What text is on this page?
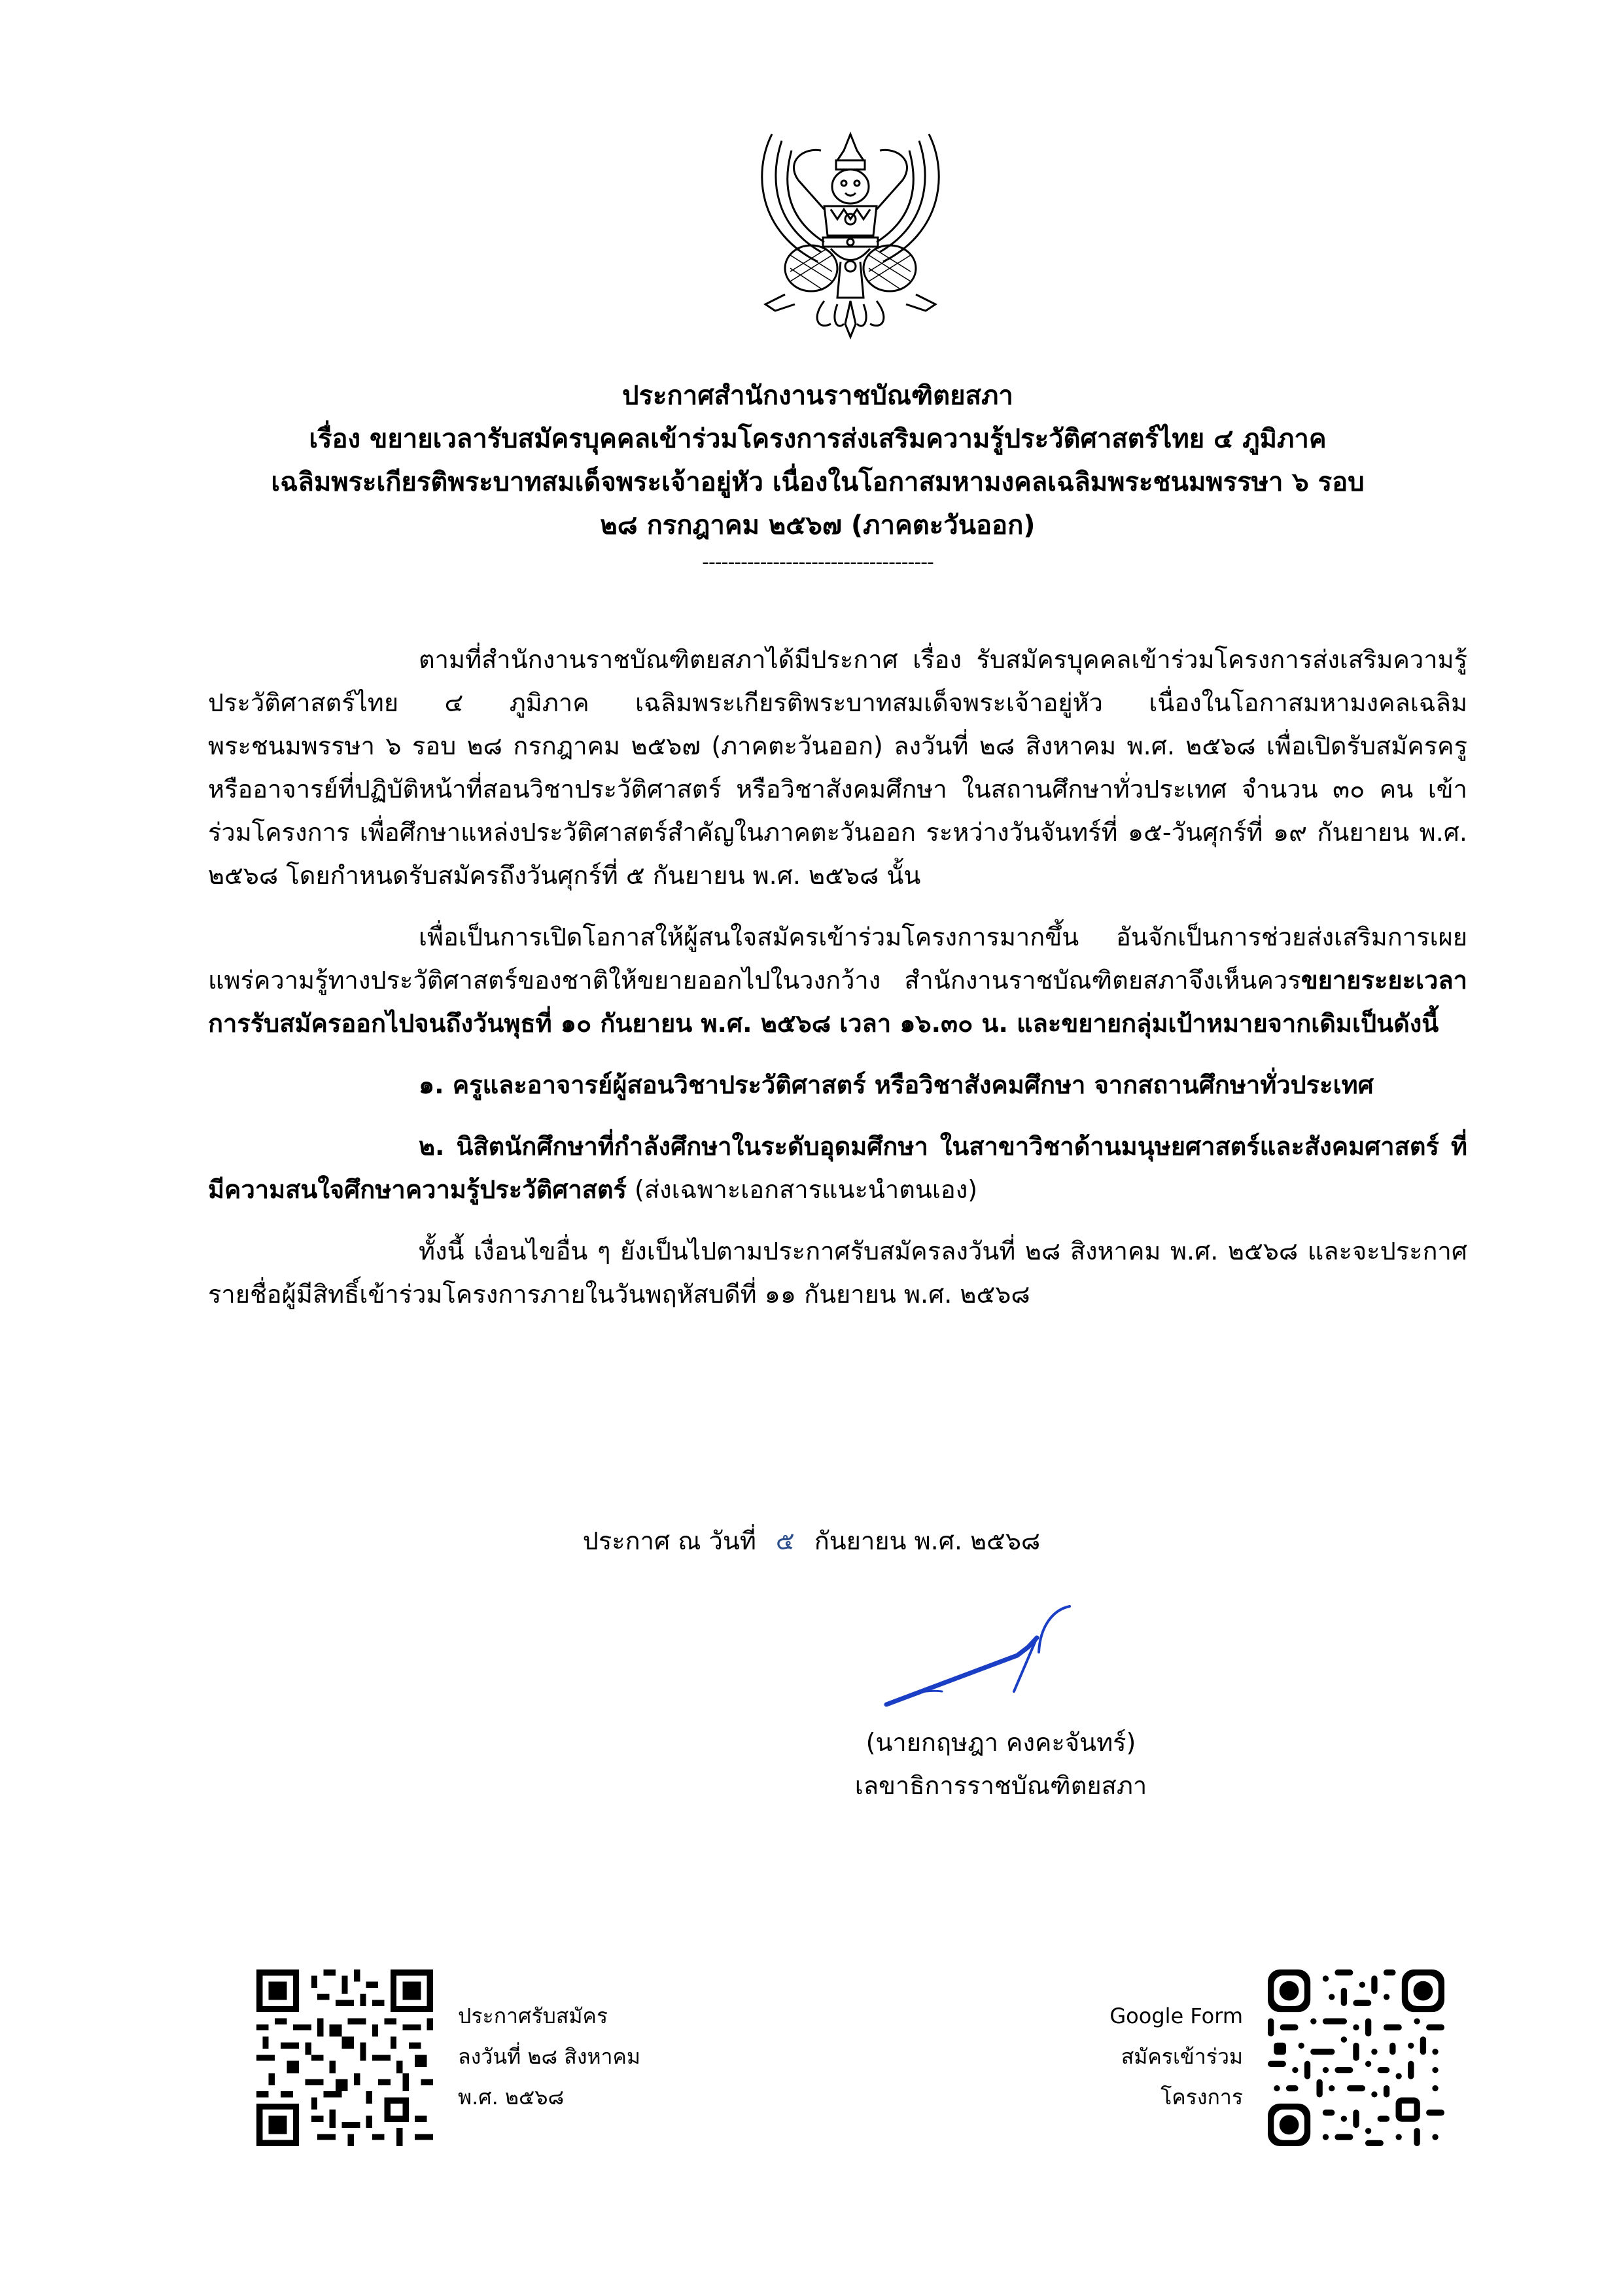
ประกาศสำนักงานราชบัณฑิตยสภา
เรื่อง ขยายเวลารับสมัครบุคคลเข้าร่วมโครงการส่งเสริมความรู้ประวัติศาสตร์ไทย ๔ ภูมิภาค
เฉลิมพระเกียรติพระบาทสมเด็จพระเจ้าอยู่หัว เนื่องในโอกาสมหามงคลเฉลิมพระชนมพรรษา ๖ รอบ
๒๘ กรกฎาคม ๒๕๖๗ (ภาคตะวันออก)
------------------------------------

ตามที่สำนักงานราชบัณฑิตยสภาได้มีประกาศ เรื่อง รับสมัครบุคคลเข้าร่วมโครงการส่งเสริมความรู้ประวัติศาสตร์ไทย ๔ ภูมิภาค เฉลิมพระเกียรติพระบาทสมเด็จพระเจ้าอยู่หัว เนื่องในโอกาสมหามงคลเฉลิมพระชนมพรรษา ๖ รอบ ๒๘ กรกฎาคม ๒๕๖๗ (ภาคตะวันออก) ลงวันที่ ๒๘ สิงหาคม พ.ศ. ๒๕๖๘ เพื่อเปิดรับสมัครครูหรืออาจารย์ที่ปฏิบัติหน้าที่สอนวิชาประวัติศาสตร์ หรือวิชาสังคมศึกษา ในสถานศึกษาทั่วประเทศ จำนวน ๓๐ คน เข้าร่วมโครงการ เพื่อศึกษาแหล่งประวัติศาสตร์สำคัญในภาคตะวันออก ระหว่างวันจันทร์ที่ ๑๕-วันศุกร์ที่ ๑๙ กันยายน พ.ศ. ๒๕๖๘ โดยกำหนดรับสมัครถึงวันศุกร์ที่ ๕ กันยายน พ.ศ. ๒๕๖๘ นั้น

เพื่อเป็นการเปิดโอกาสให้ผู้สนใจสมัครเข้าร่วมโครงการมากขึ้น อันจักเป็นการช่วยส่งเสริมการเผยแพร่ความรู้ทางประวัติศาสตร์ของชาติให้ขยายออกไปในวงกว้าง สำนักงานราชบัณฑิตยสภาจึงเห็นควรขยายระยะเวลาการรับสมัครออกไปจนถึงวันพุธที่ ๑๐ กันยายน พ.ศ. ๒๕๖๘ เวลา ๑๖.๓๐ น. และขยายกลุ่มเป้าหมายจากเดิมเป็นดังนี้

๑. ครูและอาจารย์ผู้สอนวิชาประวัติศาสตร์ หรือวิชาสังคมศึกษา จากสถานศึกษาทั่วประเทศ

๒. นิสิตนักศึกษาที่กำลังศึกษาในระดับอุดมศึกษา ในสาขาวิชาด้านมนุษยศาสตร์และสังคมศาสตร์ ที่มีความสนใจศึกษาความรู้ประวัติศาสตร์ (ส่งเฉพาะเอกสารแนะนำตนเอง)

ทั้งนี้ เงื่อนไขอื่น ๆ ยังเป็นไปตามประกาศรับสมัครลงวันที่ ๒๘ สิงหาคม พ.ศ. ๒๕๖๘ และจะประกาศรายชื่อผู้มีสิทธิ์เข้าร่วมโครงการภายในวันพฤหัสบดีที่ ๑๑ กันยายน พ.ศ. ๒๕๖๘

ประกาศ ณ วันที่ ๕ กันยายน พ.ศ. ๒๕๖๘
(นายกฤษฎา คงคะจันทร์)
เลขาธิการราชบัณฑิตยสภา
ประกาศรับสมัคร
ลงวันที่ ๒๘ สิงหาคม
พ.ศ. ๒๕๖๘
Google Form
สมัครเข้าร่วม
โครงการ
